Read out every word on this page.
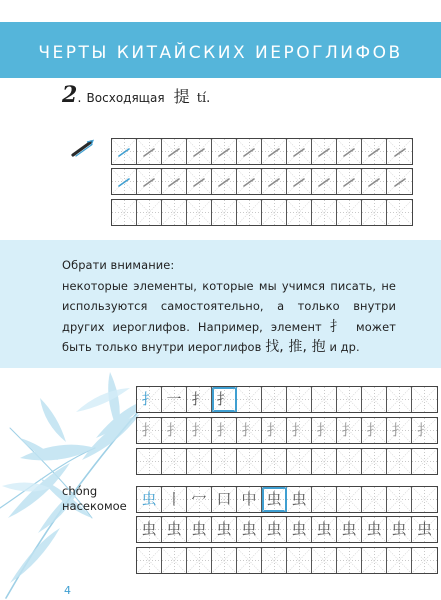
ЧЕРТЫ КИТАЙСКИХ ИЕРОГЛИФОВ
2. Восходящая 提 tí.
Обрати внимание:
некоторые элементы, которые мы учимся писать, не используются самостоятельно, а только внутри других иероглифов. Например, элемент 扌 может быть только внутри иероглифов 找, 推, 抱 и др.
扌 一 扌 扌
扌 扌 扌 扌 扌 扌 扌 扌 扌 扌 扌 扌
chóng
насекомое 虫 丨 冖 口 中 虫 虫
虫 虫 虫 虫 虫 虫 虫 虫 虫 虫 虫 虫
4
